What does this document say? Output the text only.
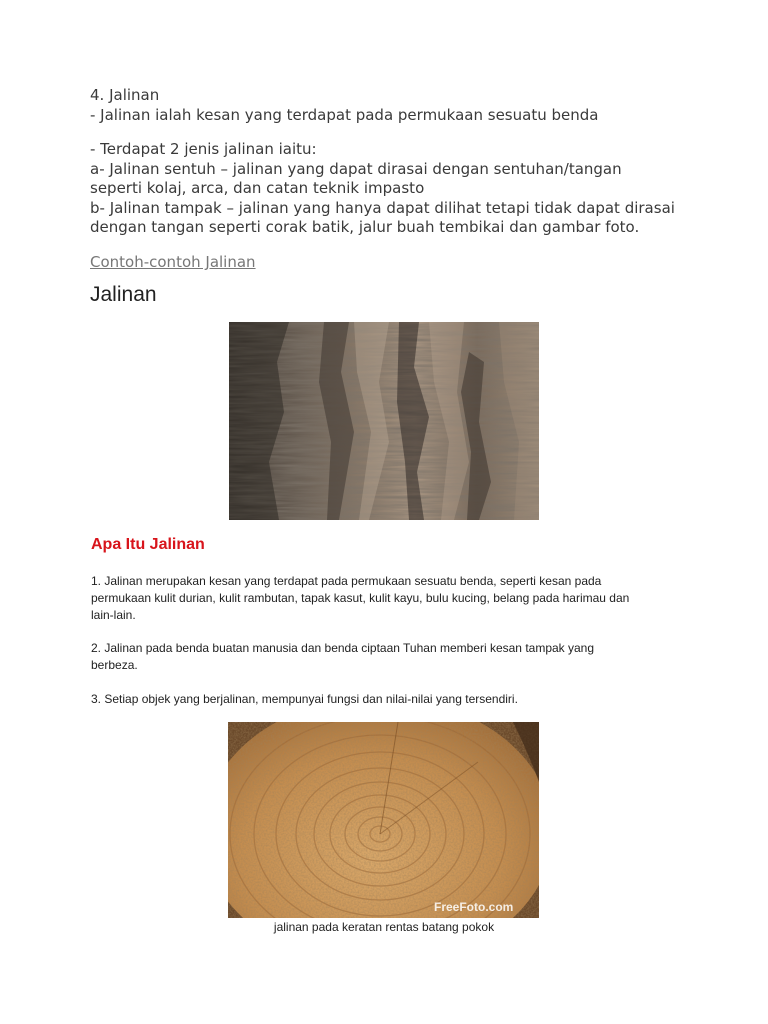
4. Jalinan
- Jalinan ialah kesan yang terdapat pada permukaan sesuatu benda
- Terdapat 2 jenis jalinan iaitu:
a- Jalinan sentuh – jalinan yang dapat dirasai dengan sentuhan/tangan
seperti kolaj, arca, dan catan teknik impasto
b- Jalinan tampak – jalinan yang hanya dapat dilihat tetapi tidak dapat dirasai
dengan tangan seperti corak batik, jalur buah tembikai dan gambar foto.
Contoh-contoh Jalinan
Jalinan
Apa Itu Jalinan
1. Jalinan merupakan kesan yang terdapat pada permukaan sesuatu benda, seperti kesan pada
permukaan kulit durian, kulit rambutan, tapak kasut, kulit kayu, bulu kucing, belang pada harimau dan
lain-lain.
2. Jalinan pada benda buatan manusia dan benda ciptaan Tuhan memberi kesan tampak yang
berbeza.
3. Setiap objek yang berjalinan, mempunyai fungsi dan nilai-nilai yang tersendiri.
FreeFoto.com
jalinan pada keratan rentas batang pokok
